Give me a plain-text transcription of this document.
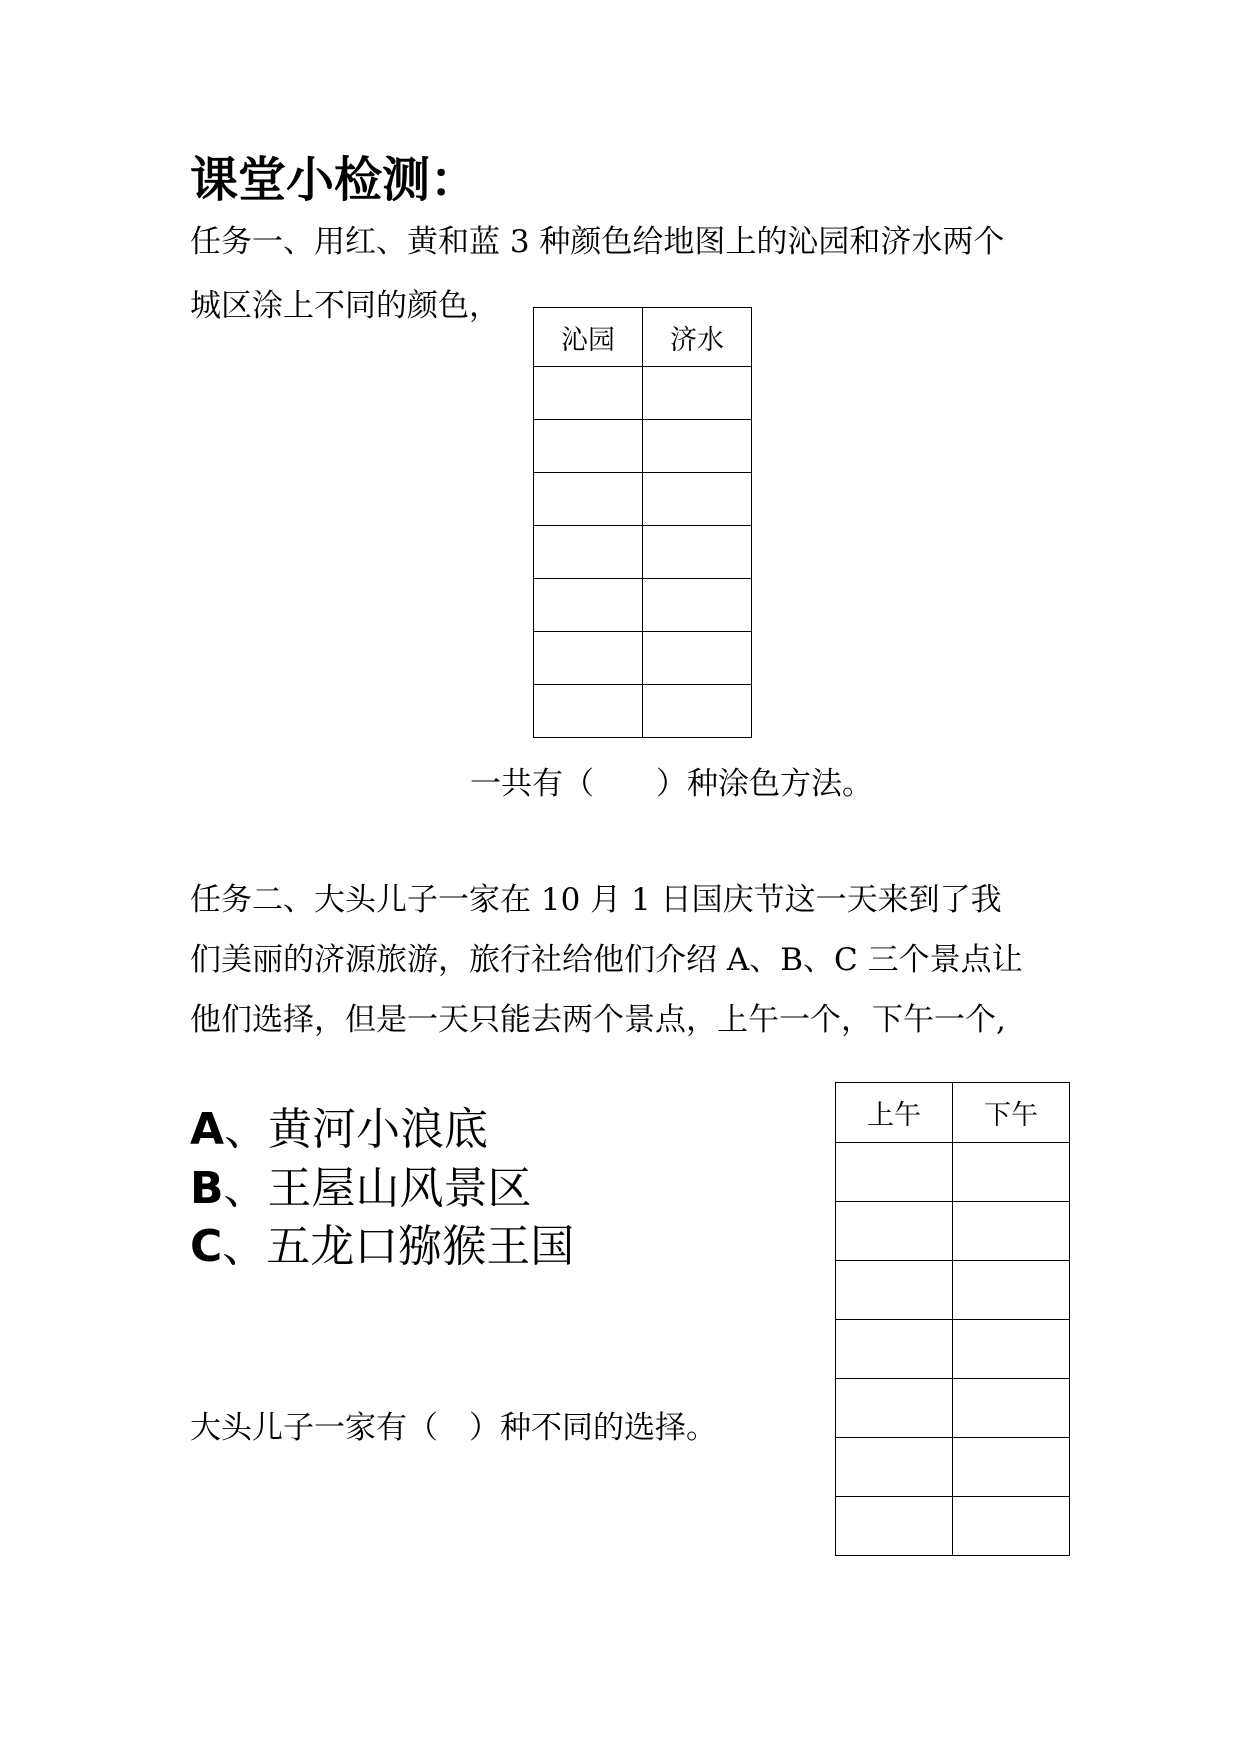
课堂小检测：
任务一、用红、黄和蓝 3 种颜色给地图上的沁园和济水两个
城区涂上不同的颜色，
沁园	济水

一共有（　　）种涂色方法。
任务二、大头儿子一家在 10 月 1 日国庆节这一天来到了我
们美丽的济源旅游，旅行社给他们介绍 A、B、C 三个景点让
他们选择，但是一天只能去两个景点，上午一个，下午一个,
A、黄河小浪底
B、王屋山风景区
C、五龙口猕猴王国
上午	下午

大头儿子一家有（　）种不同的选择。
